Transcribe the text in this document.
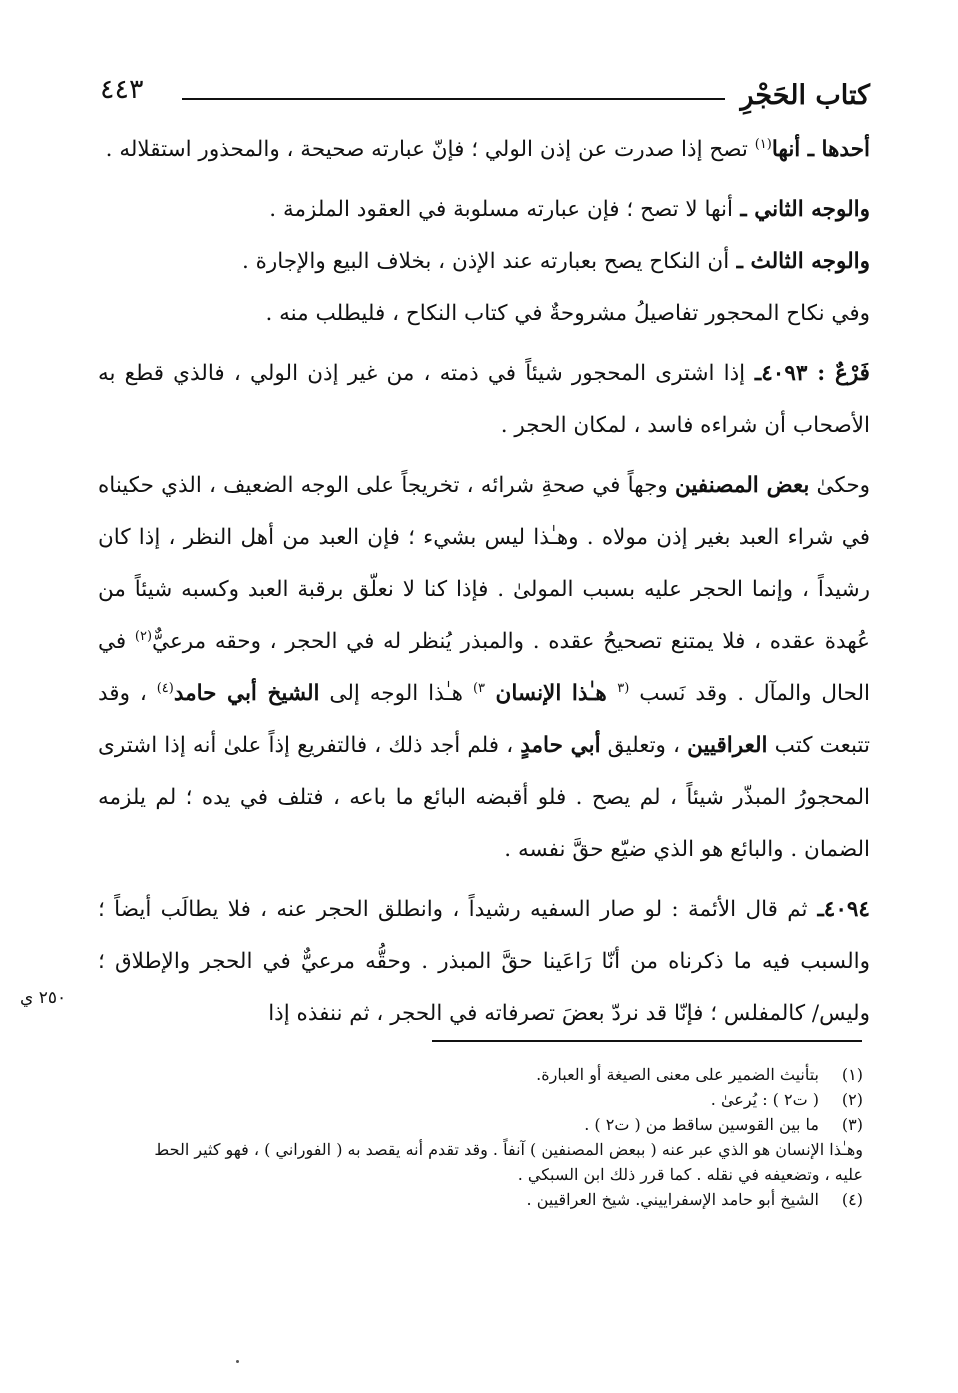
كتاب الحَجْرِ
٤٤٣

أحدها ـ أنها$^{(١)}$ تصح إذا صدرت عن إذن الولي ؛ فإنّ عبارته صحيحة ، والمحذور استقلاله .

والوجه الثاني ـ أنها لا تصح ؛ فإن عبارته مسلوبة في العقود الملزمة .

والوجه الثالث ـ أن النكاح يصح بعبارته عند الإذن ، بخلاف البيع والإجارة .

وفي نكاح المحجور تفاصيلُ مشروحةٌ في كتاب النكاح ، فليطلب منه .

فَرْعٌ : ٤٠٩٣ـ إذا اشترى المحجور شيئاً في ذمته ، من غير إذن الولي ، فالذي قطع به الأصحاب أن شراءه فاسد ، لمكان الحجر .

وحكىٰ بعض المصنفين وجهاً في صحةِ شرائه ، تخريجاً على الوجه الضعيف ، الذي حكيناه في شراء العبد بغير إذن مولاه . وهـٰذا ليس بشيء ؛ فإن العبد من أهل النظر ، إذا كان رشيداً ، وإنما الحجر عليه بسبب المولىٰ . فإذا كنا لا نعلّق برقبة العبد وكسبه شيئاً من عُهدة عقده ، فلا يمتنع تصحيحُ عقده . والمبذر يُنظر له في الحجر ، وحقه مرعيٌّ$^{(٢)}$ في الحال والمآل . وقد نَسب $^{(٣}$ هـٰذا الإنسان $^{٣)}$ هـٰذا الوجه إلى الشيخ أبي حامد$^{(٤)}$ ، وقد تتبعت كتب العراقيين ، وتعليق أبي حامدٍ ، فلم أجد ذلك ، فالتفريع إذاً علىٰ أنه إذا اشترى المحجورُ المبذّر شيئاً ، لم يصح . فلو أقبضه البائع ما باعه ، فتلف في يده ؛ لم يلزمه الضمان . والبائع هو الذي ضيّع حقَّ نفسه .

٤٠٩٤ـ ثم قال الأئمة : لو صار السفيه رشيداً ، وانطلق الحجر عنه ، فلا يطالَب أيضاً ؛ والسبب فيه ما ذكرناه من أنّا رَاعَينا حقَّ المبذر . وحقُّه مرعيٌّ في الحجر والإطلاق ؛ وليس/ كالمفلس ؛ فإنّا قد نردّ بعضَ تصرفاته في الحجر ، ثم ننفذه إذا

٢٥٠ ي

(١)بتأنيث الضمير على معنى الصيغة أو العبارة.

(٢)( ت٢ ) : يُرعىٰ .

(٣)ما بين القوسين ساقط من ( ت٢ ) .

وهـٰذا الإنسان هو الذي عبر عنه ( ببعض المصنفين ) آنفاً . وقد تقدم أنه يقصد به ( الفوراني ) ، فهو كثير الحط عليه ، وتضعيفه في نقله . كما قرر ذلك ابن السبكي .

(٤)الشيخ أبو حامد الإسفراييني. شيخ العراقيين .
